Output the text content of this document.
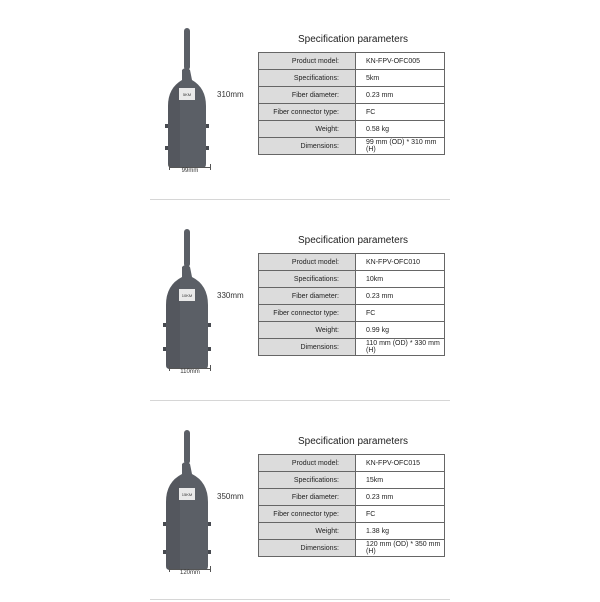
5KM	310mm
99mm
Specification parameters
Product model:	KN-FPV-OFC005
Specifications:	5km
Fiber diameter:	0.23 mm
Fiber connector type:	FC
Weight:	0.58 kg
Dimensions:	99 mm (OD) * 310 mm (H)
10KM	330mm
110mm
Specification parameters
Product model:	KN-FPV-OFC010
Specifications:	10km
Fiber diameter:	0.23 mm
Fiber connector type:	FC
Weight:	0.99 kg
Dimensions:	110 mm (OD) * 330 mm (H)
15KM	350mm
120mm
Specification parameters
Product model:	KN-FPV-OFC015
Specifications:	15km
Fiber diameter:	0.23 mm
Fiber connector type:	FC
Weight:	1.38 kg
Dimensions:	120 mm (OD) * 350 mm (H)
